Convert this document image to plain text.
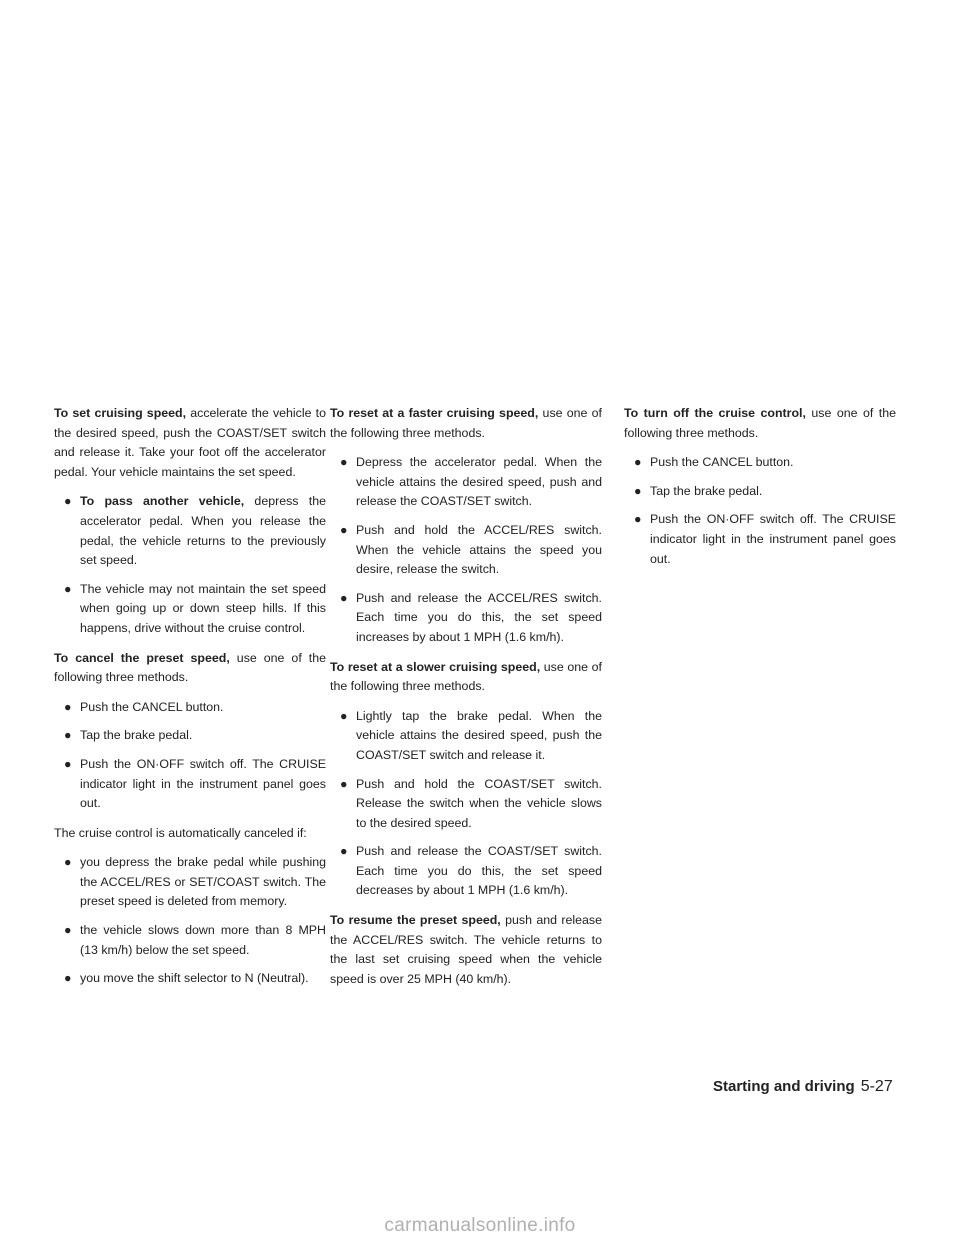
To set cruising speed, accelerate the vehicle to the desired speed, push the COAST/SET switch and release it. Take your foot off the accelerator pedal. Your vehicle maintains the set speed.

● To pass another vehicle, depress the accelerator pedal. When you release the pedal, the vehicle returns to the previously set speed.
● The vehicle may not maintain the set speed when going up or down steep hills. If this happens, drive without the cruise control.

To cancel the preset speed, use one of the following three methods.

● Push the CANCEL button.
● Tap the brake pedal.
● Push the ON·OFF switch off. The CRUISE indicator light in the instrument panel goes out.

The cruise control is automatically canceled if:

● you depress the brake pedal while pushing the ACCEL/RES or SET/COAST switch. The preset speed is deleted from memory.
● the vehicle slows down more than 8 MPH (13 km/h) below the set speed.
● you move the shift selector to N (Neutral).

To reset at a faster cruising speed, use one of the following three methods.

● Depress the accelerator pedal. When the vehicle attains the desired speed, push and release the COAST/SET switch.
● Push and hold the ACCEL/RES switch. When the vehicle attains the speed you desire, release the switch.
● Push and release the ACCEL/RES switch. Each time you do this, the set speed increases by about 1 MPH (1.6 km/h).

To reset at a slower cruising speed, use one of the following three methods.

● Lightly tap the brake pedal. When the vehicle attains the desired speed, push the COAST/SET switch and release it.
● Push and hold the COAST/SET switch. Release the switch when the vehicle slows to the desired speed.
● Push and release the COAST/SET switch. Each time you do this, the set speed decreases by about 1 MPH (1.6 km/h).

To resume the preset speed, push and release the ACCEL/RES switch. The vehicle returns to the last set cruising speed when the vehicle speed is over 25 MPH (40 km/h).

To turn off the cruise control, use one of the following three methods.

● Push the CANCEL button.
● Tap the brake pedal.
● Push the ON·OFF switch off. The CRUISE indicator light in the instrument panel goes out.
Starting and driving 5-27
carmanualsonline.info
